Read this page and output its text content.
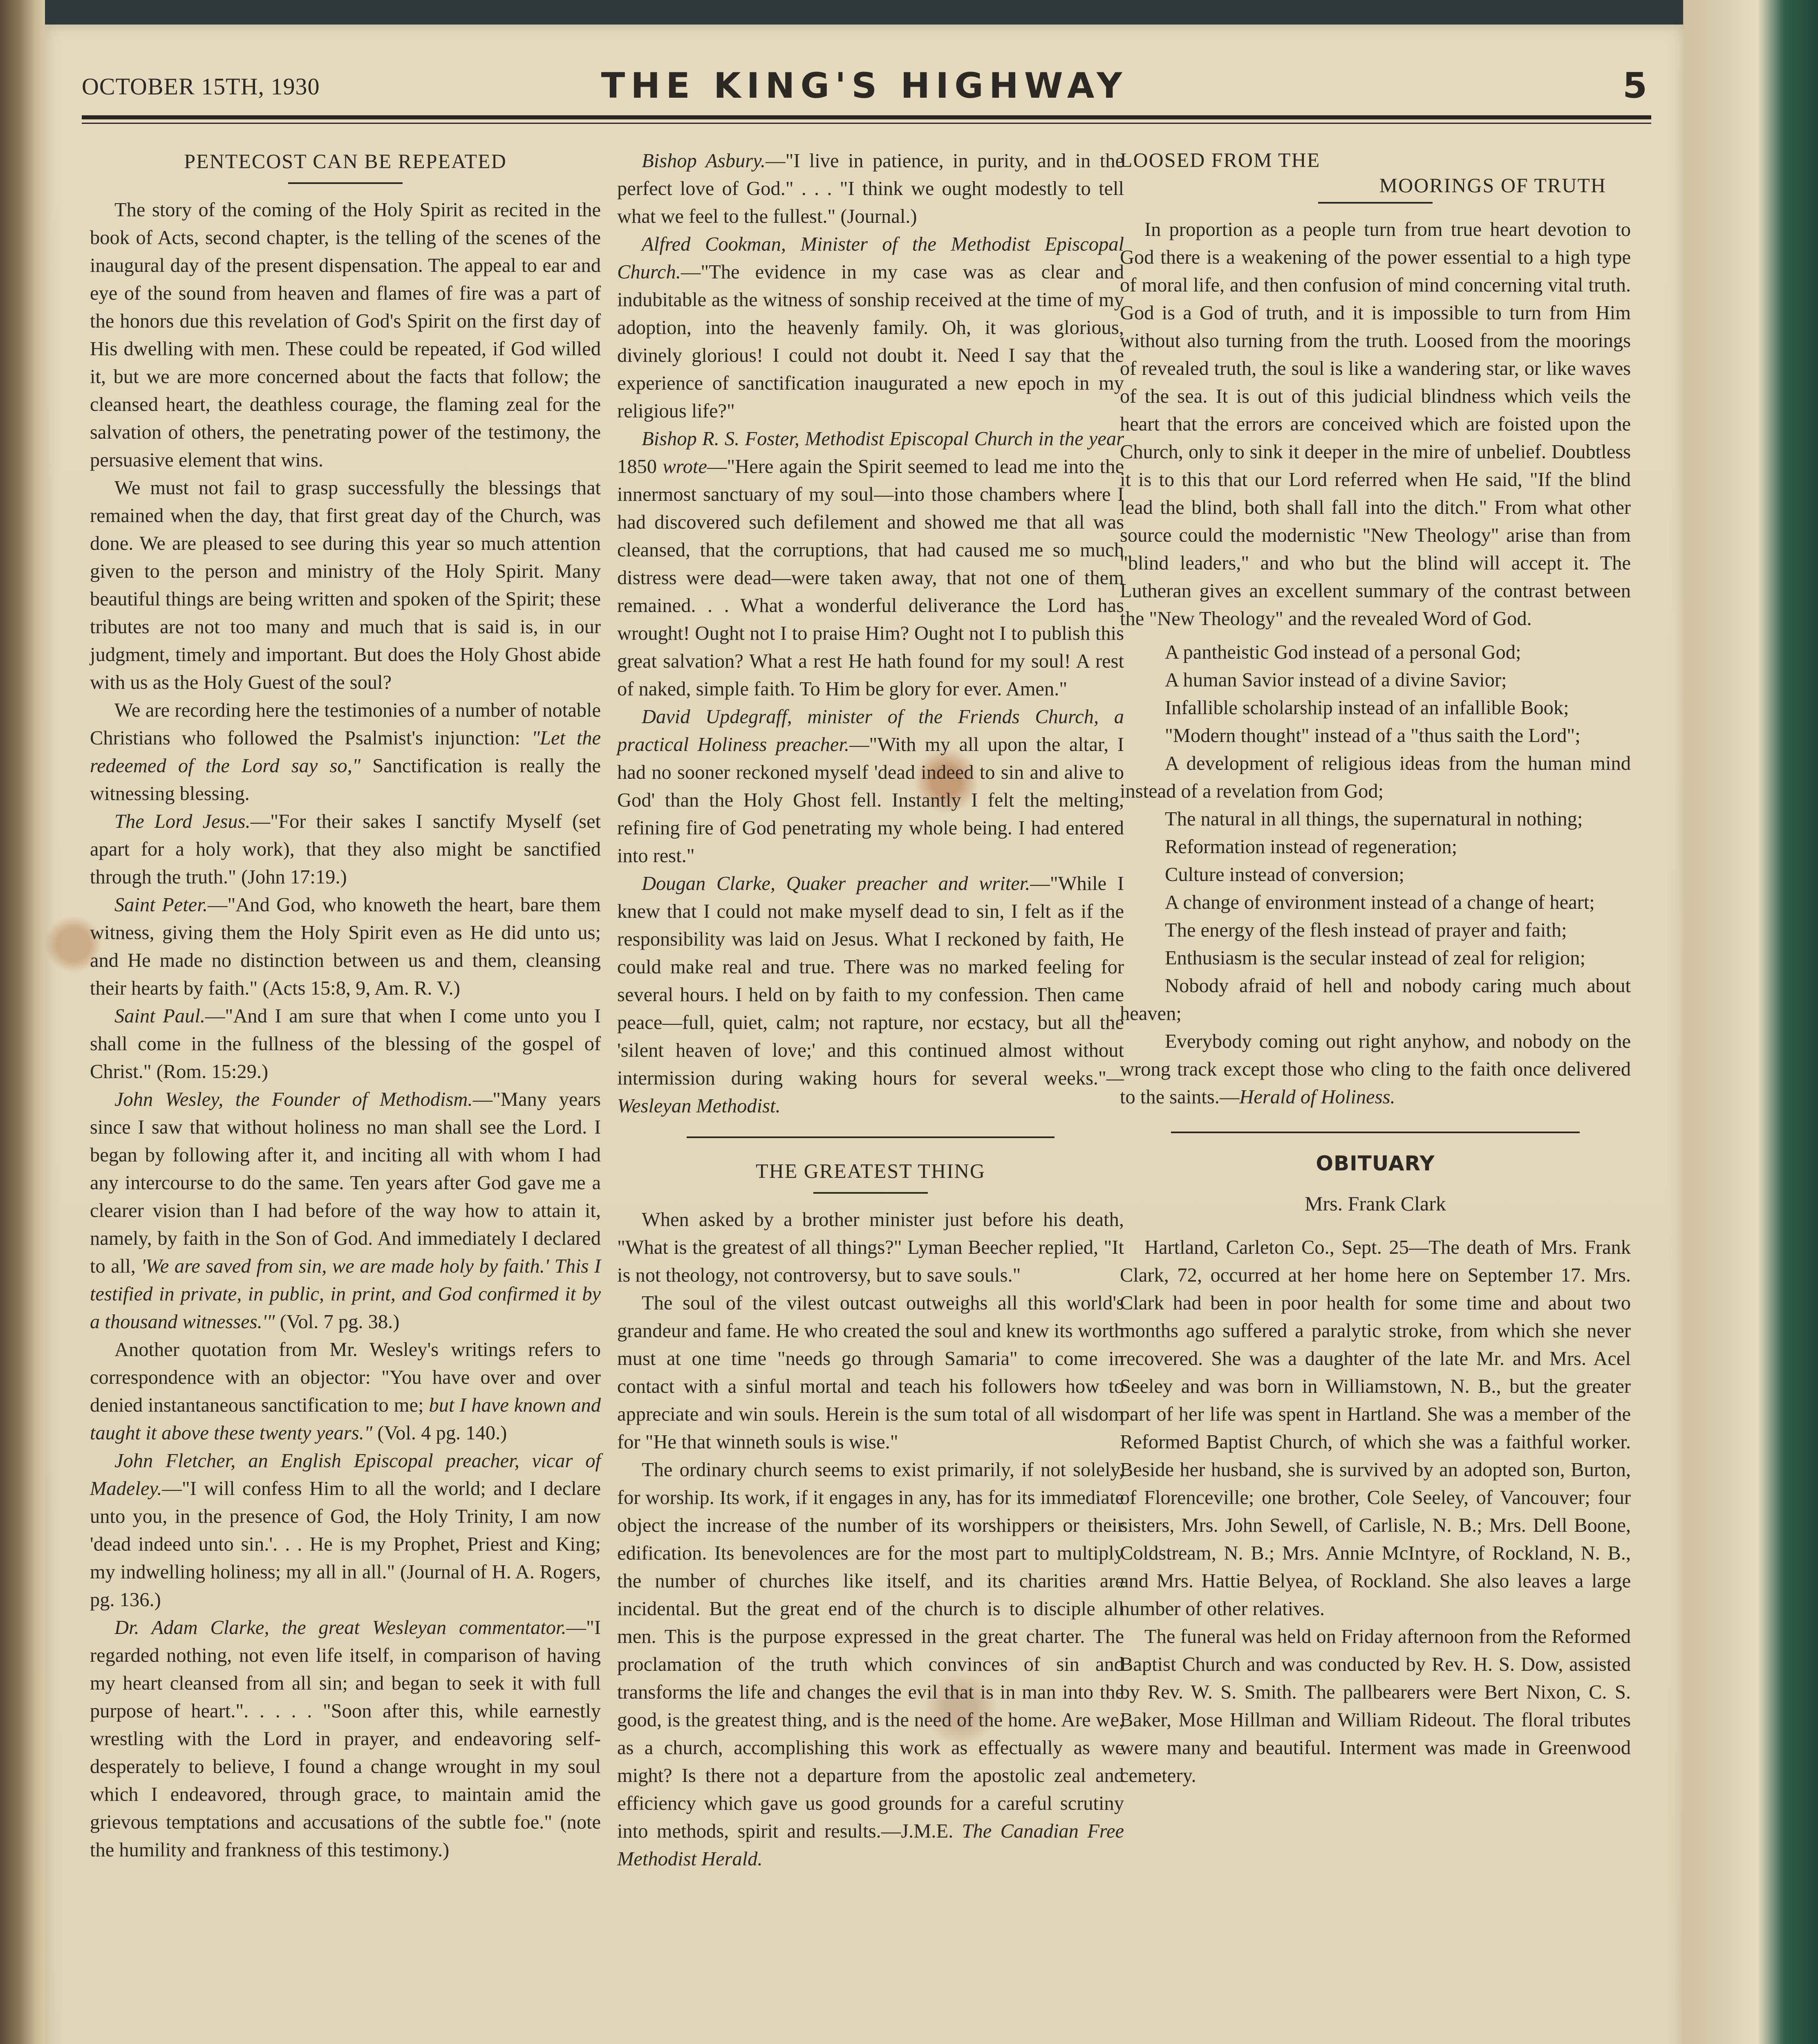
OCTOBER 15TH, 1930	THE KING'S HIGHWAY	5
PENTECOST CAN BE REPEATED

The story of the coming of the Holy Spirit as recited in the book of Acts, second chapter, is the telling of the scenes of the inaugural day of the present dispensation. The appeal to ear and eye of the sound from heaven and flames of fire was a part of the honors due this revelation of God's Spirit on the first day of His dwelling with men. These could be repeated, if God willed it, but we are more concerned about the facts that follow; the cleansed heart, the deathless courage, the flaming zeal for the salvation of others, the penetrating power of the testimony, the persuasive element that wins.

We must not fail to grasp successfully the blessings that remained when the day, that first great day of the Church, was done. We are pleased to see during this year so much attention given to the person and ministry of the Holy Spirit. Many beautiful things are being written and spoken of the Spirit; these tributes are not too many and much that is said is, in our judgment, timely and important. But does the Holy Ghost abide with us as the Holy Guest of the soul?

We are recording here the testimonies of a number of notable Christians who followed the Psalmist's injunction: "Let the redeemed of the Lord say so," Sanctification is really the witnessing blessing.

The Lord Jesus.—"For their sakes I sanctify Myself (set apart for a holy work), that they also might be sanctified through the truth." (John 17:19.)

Saint Peter.—"And God, who knoweth the heart, bare them witness, giving them the Holy Spirit even as He did unto us; and He made no distinction between us and them, cleansing their hearts by faith." (Acts 15:8, 9, Am. R. V.)

Saint Paul.—"And I am sure that when I come unto you I shall come in the fullness of the blessing of the gospel of Christ." (Rom. 15:29.)

John Wesley, the Founder of Methodism.—"Many years since I saw that without holiness no man shall see the Lord. I began by following after it, and inciting all with whom I had any intercourse to do the same. Ten years after God gave me a clearer vision than I had before of the way how to attain it, namely, by faith in the Son of God. And immediately I declared to all, 'We are saved from sin, we are made holy by faith.' This I testified in private, in public, in print, and God confirmed it by a thousand witnesses.'" (Vol. 7 pg. 38.)

Another quotation from Mr. Wesley's writings refers to correspondence with an objector: "You have over and over denied instantaneous sanctification to me; but I have known and taught it above these twenty years." (Vol. 4 pg. 140.)

John Fletcher, an English Episcopal preacher, vicar of Madeley.—"I will confess Him to all the world; and I declare unto you, in the presence of God, the Holy Trinity, I am now 'dead indeed unto sin.'. . . He is my Prophet, Priest and King; my indwelling holiness; my all in all." (Journal of H. A. Rogers, pg. 136.)

Dr. Adam Clarke, the great Wesleyan commentator.—"I regarded nothing, not even life itself, in comparison of having my heart cleansed from all sin; and began to seek it with full purpose of heart.". . . . . "Soon after this, while earnestly wrestling with the Lord in prayer, and endeavoring self-desperately to believe, I found a change wrought in my soul which I endeavored, through grace, to maintain amid the grievous temptations and accusations of the subtle foe." (note the humility and frankness of this testimony.)

Bishop Asbury.—"I live in patience, in purity, and in the perfect love of God." . . . "I think we ought modestly to tell what we feel to the fullest." (Journal.)

Alfred Cookman, Minister of the Methodist Episcopal Church.—"The evidence in my case was as clear and indubitable as the witness of sonship received at the time of my adoption, into the heavenly family. Oh, it was glorious, divinely glorious! I could not doubt it. Need I say that the experience of sanctification inaugurated a new epoch in my religious life?"

Bishop R. S. Foster, Methodist Episcopal Church in the year 1850 wrote—"Here again the Spirit seemed to lead me into the innermost sanctuary of my soul—into those chambers where I had discovered such defilement and showed me that all was cleansed, that the corruptions, that had caused me so much distress were dead—were taken away, that not one of them remained. . . What a wonderful deliverance the Lord has wrought! Ought not I to praise Him? Ought not I to publish this great salvation? What a rest He hath found for my soul! A rest of naked, simple faith. To Him be glory for ever. Amen."

David Updegraff, minister of the Friends Church, a practical Holiness preacher.—"With my all upon the altar, I had no sooner reckoned myself 'dead indeed to sin and alive to God' than the Holy Ghost fell. Instantly I felt the melting, refining fire of God penetrating my whole being. I had entered into rest."

Dougan Clarke, Quaker preacher and writer.—"While I knew that I could not make myself dead to sin, I felt as if the responsibility was laid on Jesus. What I reckoned by faith, He could make real and true. There was no marked feeling for several hours. I held on by faith to my confession. Then came peace—full, quiet, calm; not rapture, nor ecstacy, but all the 'silent heaven of love;' and this continued almost without intermission during waking hours for several weeks."—Wesleyan Methodist.

THE GREATEST THING

When asked by a brother minister just before his death, "What is the greatest of all things?" Lyman Beecher replied, "It is not theology, not controversy, but to save souls."

The soul of the vilest outcast outweighs all this world's grandeur and fame. He who created the soul and knew its worth must at one time "needs go through Samaria" to come in contact with a sinful mortal and teach his followers how to appreciate and win souls. Herein is the sum total of all wisdom for "He that winneth souls is wise."

The ordinary church seems to exist primarily, if not solely, for worship. Its work, if it engages in any, has for its immediate object the increase of the number of its worshippers or their edification. Its benevolences are for the most part to multiply the number of churches like itself, and its charities are incidental. But the great end of the church is to disciple all men. This is the purpose expressed in the great charter. The proclamation of the truth which convinces of sin and transforms the life and changes the evil that is in man into the good, is the greatest thing, and is the need of the home. Are we, as a church, accomplishing this work as effectually as we might? Is there not a departure from the apostolic zeal and efficiency which gave us good grounds for a careful scrutiny into methods, spirit and results.—J.M.E. The Canadian Free Methodist Herald.

LOOSED FROM THE
MOORINGS OF TRUTH

In proportion as a people turn from true heart devotion to God there is a weakening of the power essential to a high type of moral life, and then confusion of mind concerning vital truth. God is a God of truth, and it is impossible to turn from Him without also turning from the truth. Loosed from the moorings of revealed truth, the soul is like a wandering star, or like waves of the sea. It is out of this judicial blindness which veils the heart that the errors are conceived which are foisted upon the Church, only to sink it deeper in the mire of unbelief. Doubtless it is to this that our Lord referred when He said, "If the blind lead the blind, both shall fall into the ditch." From what other source could the modernistic "New Theology" arise than from "blind leaders," and who but the blind will accept it. The Lutheran gives an excellent summary of the contrast between the "New Theology" and the revealed Word of God.

A pantheistic God instead of a personal God;

A human Savior instead of a divine Savior;

Infallible scholarship instead of an infallible Book;

"Modern thought" instead of a "thus saith the Lord";

A development of religious ideas from the human mind instead of a revelation from God;

The natural in all things, the supernatural in nothing;

Reformation instead of regeneration;

Culture instead of conversion;

A change of environment instead of a change of heart;

The energy of the flesh instead of prayer and faith;

Enthusiasm is the secular instead of zeal for religion;

Nobody afraid of hell and nobody caring much about heaven;

Everybody coming out right anyhow, and nobody on the wrong track except those who cling to the faith once delivered to the saints.—Herald of Holiness.

OBITUARY
Mrs. Frank Clark

Hartland, Carleton Co., Sept. 25—The death of Mrs. Frank Clark, 72, occurred at her home here on September 17. Mrs. Clark had been in poor health for some time and about two months ago suffered a paralytic stroke, from which she never recovered. She was a daughter of the late Mr. and Mrs. Acel Seeley and was born in Williamstown, N. B., but the greater part of her life was spent in Hartland. She was a member of the Reformed Baptist Church, of which she was a faithful worker. Beside her husband, she is survived by an adopted son, Burton, of Florenceville; one brother, Cole Seeley, of Vancouver; four sisters, Mrs. John Sewell, of Carlisle, N. B.; Mrs. Dell Boone, Coldstream, N. B.; Mrs. Annie McIntyre, of Rockland, N. B., and Mrs. Hattie Belyea, of Rockland. She also leaves a large number of other relatives.

The funeral was held on Friday afternoon from the Reformed Baptist Church and was conducted by Rev. H. S. Dow, assisted by Rev. W. S. Smith. The pallbearers were Bert Nixon, C. S. Baker, Mose Hillman and William Rideout. The floral tributes were many and beautiful. Interment was made in Greenwood cemetery.
